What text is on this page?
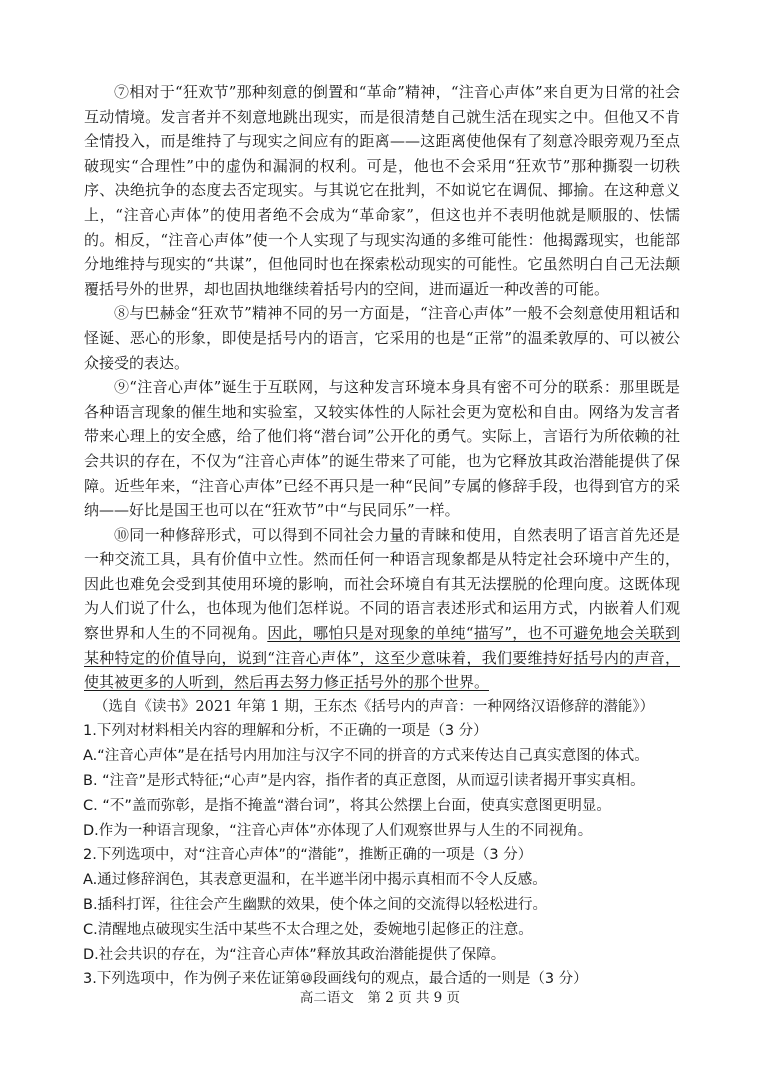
⑦相对于“狂欢节”那种刻意的倒置和“革命”精神，“注音心声体”来自更为日常的社会互动情境。发言者并不刻意地跳出现实，而是很清楚自己就生活在现实之中。但他又不肯全情投入，而是维持了与现实之间应有的距离——这距离使他保有了刻意冷眼旁观乃至点破现实“合理性”中的虚伪和漏洞的权利。可是，他也不会采用“狂欢节”那种撕裂一切秩序、决绝抗争的态度去否定现实。与其说它在批判，不如说它在调侃、揶揄。在这种意义上，“注音心声体”的使用者绝不会成为“革命家”，但这也并不表明他就是顺服的、怯懦的。相反，“注音心声体”使一个人实现了与现实沟通的多维可能性：他揭露现实，也能部分地维持与现实的“共谋”，但他同时也在探索松动现实的可能性。它虽然明白自己无法颠覆括号外的世界，却也固执地继续着括号内的空间，进而逼近一种改善的可能。

⑧与巴赫金“狂欢节”精神不同的另一方面是，“注音心声体”一般不会刻意使用粗话和怪诞、恶心的形象，即使是括号内的语言，它采用的也是“正常”的温柔敦厚的、可以被公众接受的表达。

⑨“注音心声体”诞生于互联网，与这种发言环境本身具有密不可分的联系：那里既是各种语言现象的催生地和实验室，又较实体性的人际社会更为宽松和自由。网络为发言者带来心理上的安全感，给了他们将“潜台词”公开化的勇气。实际上，言语行为所依赖的社会共识的存在，不仅为“注音心声体”的诞生带来了可能，也为它释放其政治潜能提供了保障。近些年来，“注音心声体”已经不再只是一种“民间”专属的修辞手段，也得到官方的采纳——好比是国王也可以在“狂欢节”中“与民同乐”一样。

⑩同一种修辞形式，可以得到不同社会力量的青睐和使用，自然表明了语言首先还是一种交流工具，具有价值中立性。然而任何一种语言现象都是从特定社会环境中产生的，因此也难免会受到其使用环境的影响，而社会环境自有其无法摆脱的伦理向度。这既体现为人们说了什么，也体现为他们怎样说。不同的语言表述形式和运用方式，内嵌着人们观察世界和人生的不同视角。因此，哪怕只是对现象的单纯“描写”，也不可避免地会关联到某种特定的价值导向，说到“注音心声体”，这至少意味着，我们要维持好括号内的声音，使其被更多的人听到，然后再去努力修正括号外的那个世界。

（选自《读书》2021 年第 1 期，王东杰《括号内的声音：一种网络汉语修辞的潜能》）

1.下列对材料相关内容的理解和分析，不正确的一项是（3 分）

A.“注音心声体”是在括号内用加注与汉字不同的拼音的方式来传达自己真实意图的体式。

B. “注音”是形式特征;“心声”是内容，指作者的真正意图，从而逗引读者揭开事实真相。

C. “不”盖而弥彰，是指不掩盖“潜台词”，将其公然摆上台面，使真实意图更明显。

D.作为一种语言现象，“注音心声体”亦体现了人们观察世界与人生的不同视角。

2.下列选项中，对“注音心声体”的“潜能”，推断正确的一项是（3 分）

A.通过修辞润色，其表意更温和，在半遮半闭中揭示真相而不令人反感。

B.插科打诨，往往会产生幽默的效果，使个体之间的交流得以轻松进行。

C.清醒地点破现实生活中某些不太合理之处，委婉地引起修正的注意。

D.社会共识的存在，为“注音心声体”释放其政治潜能提供了保障。

3.下列选项中，作为例子来佐证第⑩段画线句的观点，最合适的一则是（3 分）

高二语文　第 2 页 共 9 页
